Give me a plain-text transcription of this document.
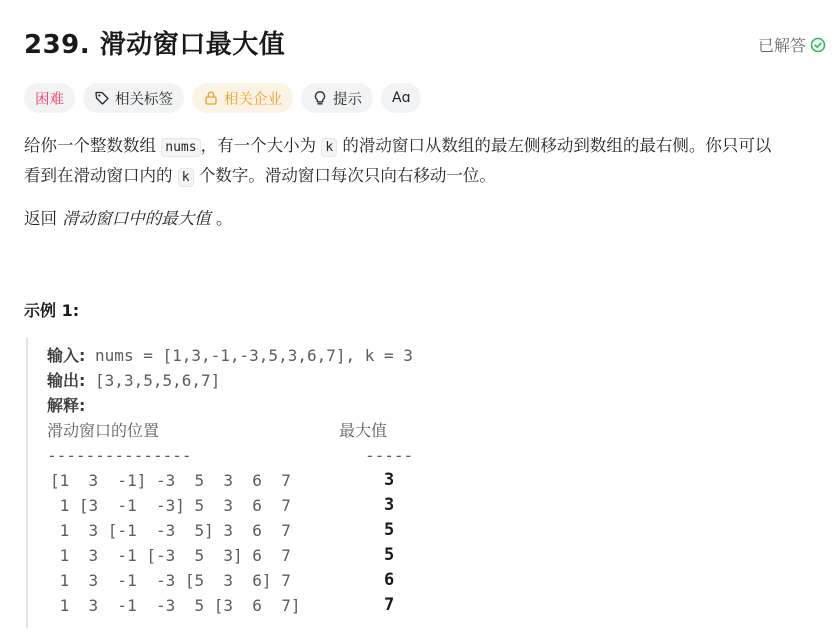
239. 滑动窗口最大值	已解答
困难	相关标签	相关企业	提示 Aɑ

给你一个整数数组 nums ，有一个大小为 k 的滑动窗口从数组的最左侧移动到数组的最右侧。你只可以

看到在滑动窗口内的 k 个数字。滑动窗口每次只向右移动一位。

返回 滑动窗口中的最大值 。
示例 1:
输入: nums = [1,3,-1,-3,5,3,6,7], k = 3
输出: [3,3,5,5,6,7]
解释:
滑动窗口的位置	最大值
---------------	-----
[1  3  -1] -3  5  3  6  7	3
1 [3  -1  -3] 5  3  6  7	3
1  3 [-1  -3  5] 3  6  7	5
1  3  -1 [-3  5  3] 6  7	5
1  3  -1  -3 [5  3  6] 7	6
1  3  -1  -3  5 [3  6  7]	7
